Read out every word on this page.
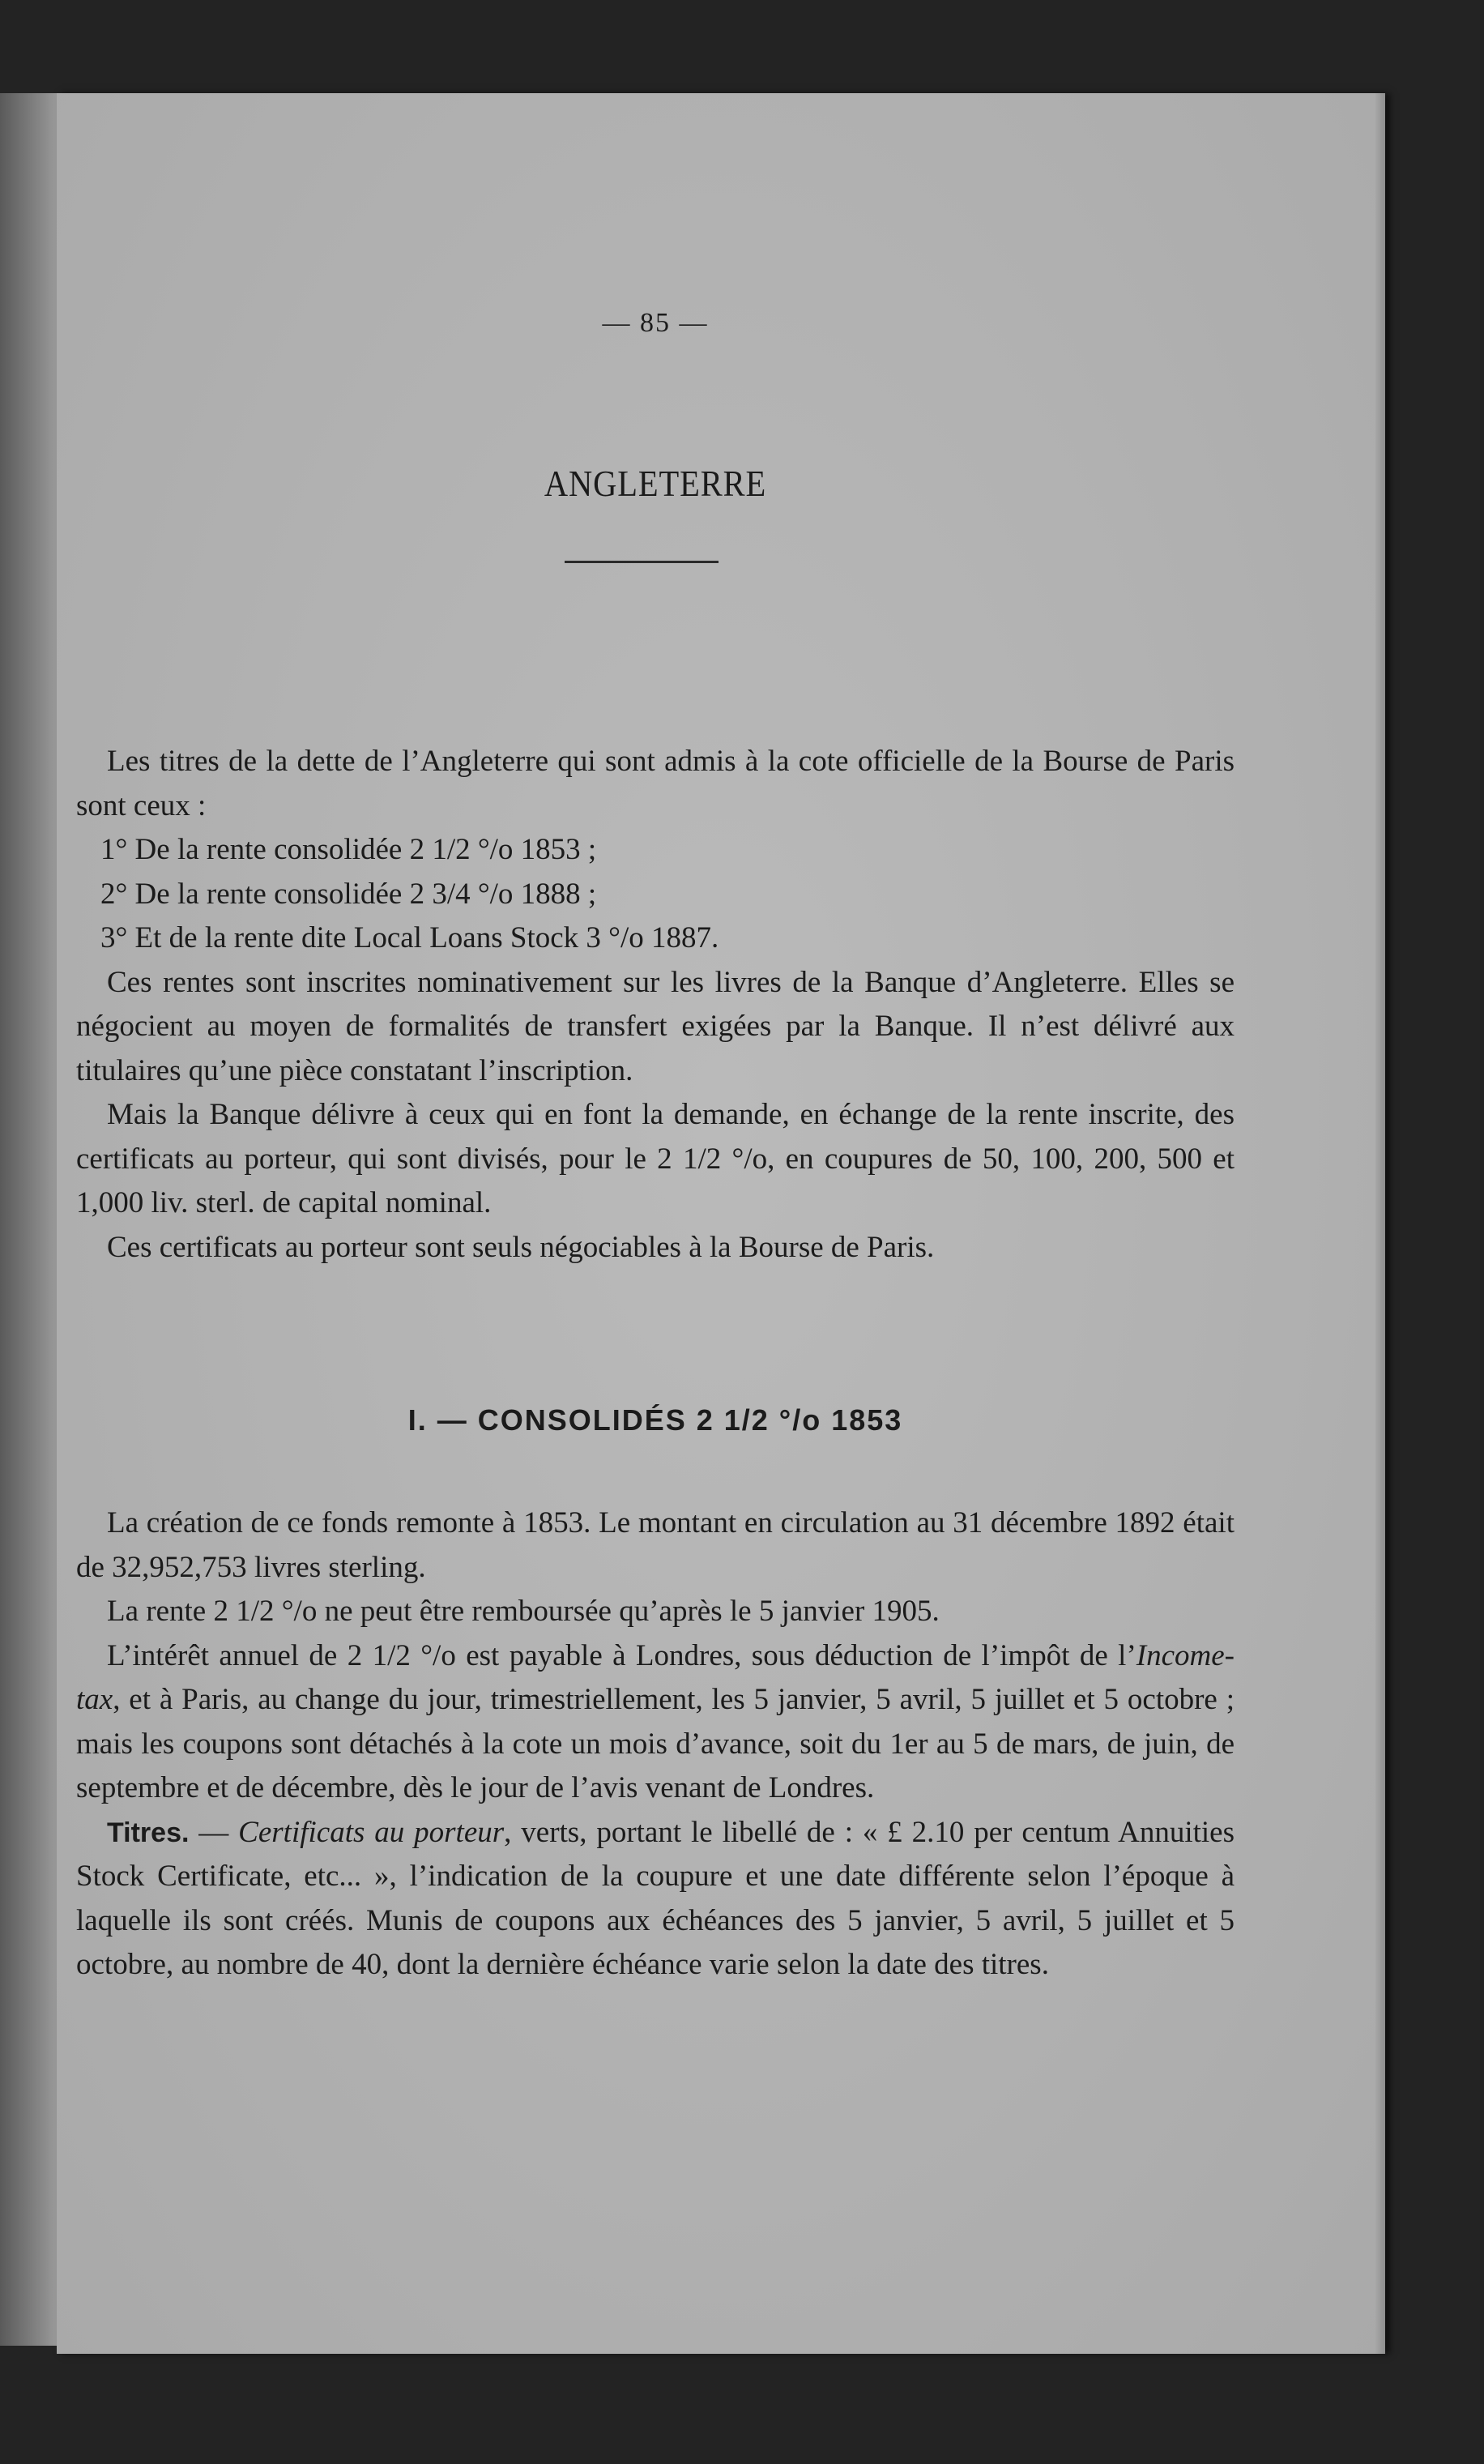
— 85 —
ANGLETERRE

Les titres de la dette de l’Angleterre qui sont admis à la cote officielle de la Bourse de Paris sont ceux :

1° De la rente consolidée 2 1/2 °/o 1853 ;

2° De la rente consolidée 2 3/4 °/o 1888 ;

3° Et de la rente dite Local Loans Stock 3 °/o 1887.

Ces rentes sont inscrites nominativement sur les livres de la Banque d’Angleterre. Elles se négocient au moyen de formalités de transfert exigées par la Banque. Il n’est délivré aux titulaires qu’une pièce constatant l’inscription.

Mais la Banque délivre à ceux qui en font la demande, en échange de la rente inscrite, des certificats au porteur, qui sont divisés, pour le 2 1/2 °/o, en coupures de 50, 100, 200, 500 et 1,000 liv. sterl. de capital nominal.

Ces certificats au porteur sont seuls négociables à la Bourse de Paris.

I. — CONSOLIDÉS 2 1/2 °/o 1853

La création de ce fonds remonte à 1853. Le montant en circulation au 31 décembre 1892 était de 32,952,753 livres sterling.

La rente 2 1/2 °/o ne peut être remboursée qu’après le 5 janvier 1905.

L’intérêt annuel de 2 1/2 °/o est payable à Londres, sous déduction de l’impôt de l’Income-tax, et à Paris, au change du jour, trimestriellement, les 5 janvier, 5 avril, 5 juillet et 5 octobre ; mais les coupons sont détachés à la cote un mois d’avance, soit du 1er au 5 de mars, de juin, de septembre et de décembre, dès le jour de l’avis venant de Londres.

Titres. — Certificats au porteur, verts, portant le libellé de : « £ 2.10 per centum Annuities Stock Certificate, etc... », l’indication de la coupure et une date différente selon l’époque à laquelle ils sont créés. Munis de coupons aux échéances des 5 janvier, 5 avril, 5 juillet et 5 octobre, au nombre de 40, dont la dernière échéance varie selon la date des titres.
